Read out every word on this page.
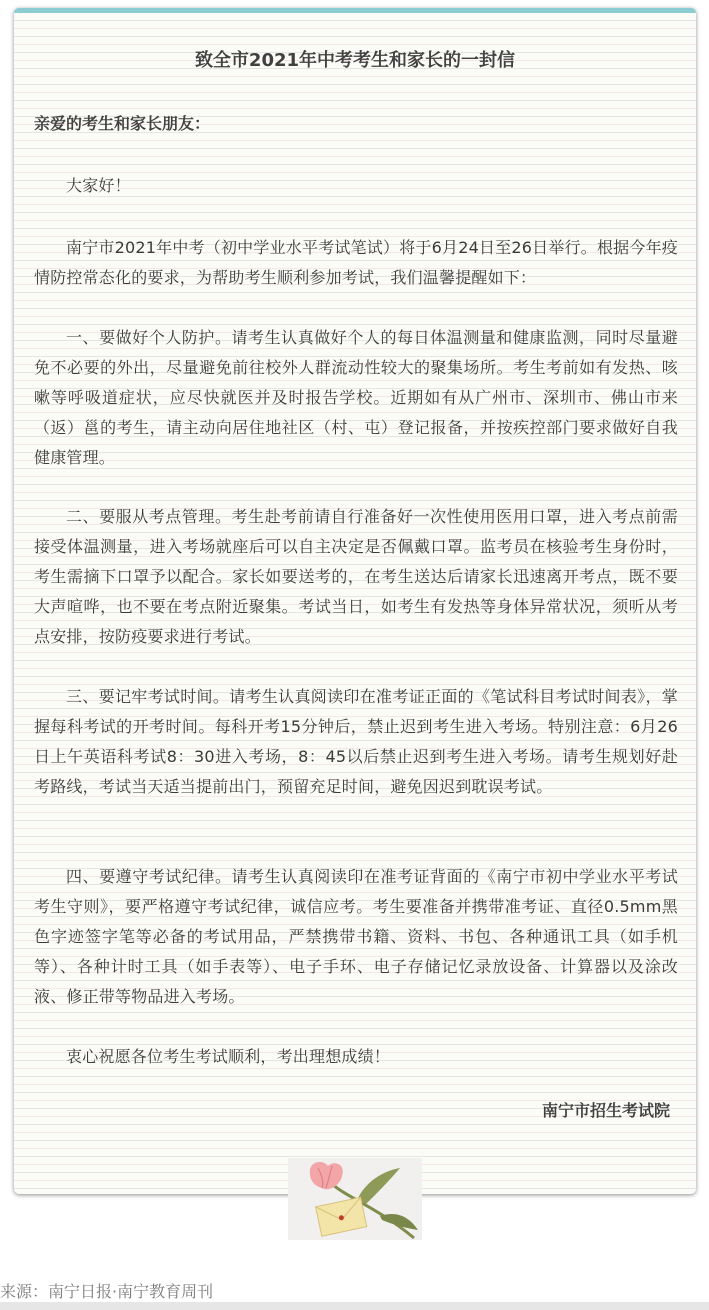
致全市2021年中考考生和家长的一封信

亲爱的考生和家长朋友：

大家好！

南宁市2021年中考（初中学业水平考试笔试）将于6月24日至26日举行。根据今年疫情防控常态化的要求，为帮助考生顺利参加考试，我们温馨提醒如下：

一、要做好个人防护。请考生认真做好个人的每日体温测量和健康监测，同时尽量避免不必要的外出，尽量避免前往校外人群流动性较大的聚集场所。考生考前如有发热、咳嗽等呼吸道症状，应尽快就医并及时报告学校。近期如有从广州市、深圳市、佛山市来（返）邕的考生，请主动向居住地社区（村、屯）登记报备，并按疾控部门要求做好自我健康管理。

二、要服从考点管理。考生赴考前请自行准备好一次性使用医用口罩，进入考点前需接受体温测量，进入考场就座后可以自主决定是否佩戴口罩。监考员在核验考生身份时，考生需摘下口罩予以配合。家长如要送考的，在考生送达后请家长迅速离开考点，既不要大声喧哗，也不要在考点附近聚集。考试当日，如考生有发热等身体异常状况，须听从考点安排，按防疫要求进行考试。

三、要记牢考试时间。请考生认真阅读印在准考证正面的《笔试科目考试时间表》，掌握每科考试的开考时间。每科开考15分钟后，禁止迟到考生进入考场。特别注意：6月26日上午英语科考试8：30进入考场，8：45以后禁止迟到考生进入考场。请考生规划好赴考路线，考试当天适当提前出门，预留充足时间，避免因迟到耽误考试。

四、要遵守考试纪律。请考生认真阅读印在准考证背面的《南宁市初中学业水平考试考生守则》，要严格遵守考试纪律，诚信应考。考生要准备并携带准考证、直径0.5mm黑色字迹签字笔等必备的考试用品，严禁携带书籍、资料、书包、各种通讯工具（如手机等）、各种计时工具（如手表等）、电子手环、电子存储记忆录放设备、计算器以及涂改液、修正带等物品进入考场。

衷心祝愿各位考生考试顺利，考出理想成绩！

南宁市招生考试院

来源：南宁日报·南宁教育周刊
